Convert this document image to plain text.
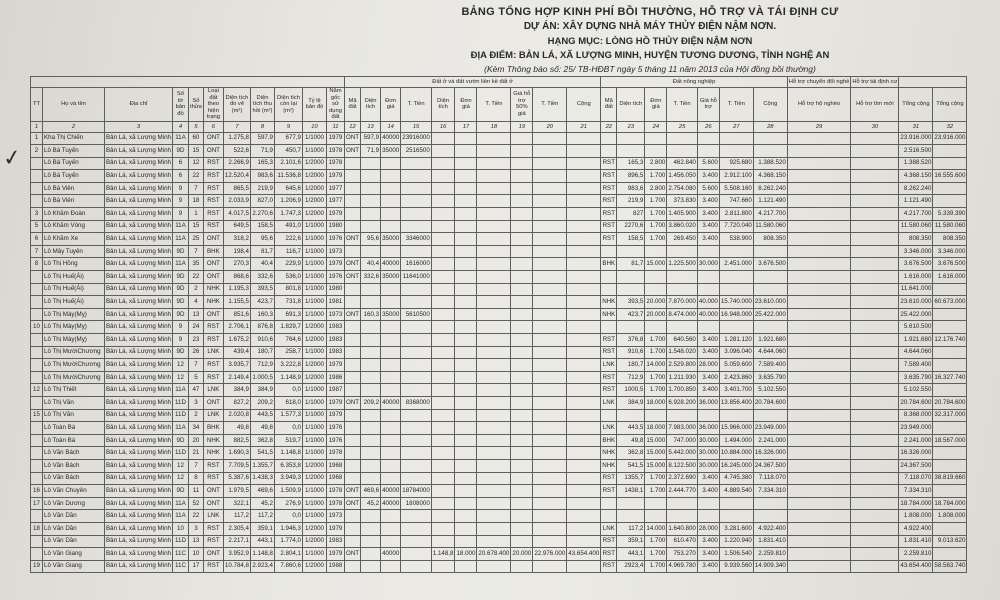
BẢNG TỔNG HỢP KINH PHÍ BỒI THƯỜNG, HỖ TRỢ VÀ TÁI ĐỊNH CƯ
DỰ ÁN: XÂY DỰNG NHÀ MÁY THỦY ĐIỆN NẬM NƠN.
HẠNG MỤC: LÒNG HỒ THỦY ĐIỆN NẬM NƠN
ĐỊA ĐIỂM: BẢN LÁ, XÃ LƯỢNG MINH, HUYỆN TƯƠNG DƯƠNG, TỈNH NGHỆ AN
(Kèm Thông báo số: 25/ TB-HĐBT ngày 5 tháng 11 năm 2013 của Hội đồng bồi thường)
✓
											Đất ở và đất vườn liền kề đất ở										Đất nông nghiệp							Hỗ trợ chuyển đổi nghề	Hỗ trợ tái định cư		
TT	Họ và tên	Địa chỉ	Số tờ bản đồ	Số thửa	Loại đất theo hiện trạng	Diện tích đo vẽ (m²)	Diện tích thu hồi (m²)	Diện tích còn lại (m²)	Tỷ lệ bản đồ	Năm gốc sử dụng đất	Mã đất	Diện tích	Đơn giá	T. Tiền	Diện tích	Đơn giá	T. Tiền	Giá hỗ trợ 50% giá	T. Tiền	Cộng	Mã đất	Diện tích	Đơn giá	T. Tiền	Giá hỗ trợ	T. Tiền	Cộng	Hỗ trợ hộ nghèo	Hỗ trợ tìm mới	Tổng cộng	Tổng cộng
1	2	3	4	5	6	7	8	9	10	11	12	13	14	15	16	17	18	19	20	21	22	23	24	25	26	27	28	29	30	31	32
1	Kha Thị Chiến	Bản Lá, xã Lượng Minh	11A	60	ONT	1.275,8	597,9	677,9	1/1000	1979	ONT	597,9	40000	23916000																23.916.000	23.916.000
2	Lô Bá Tuyến	Bản Lá, xã Lượng Minh	9D	15	ONT	522,6	71,9	450,7	1/1000	1978	ONT	71,9	35000	2516500																2.516.500	
	Lô Bá Tuyến	Bản Lá, xã Lượng Minh	6	12	RST	2.266,9	165,3	2.101,6	1/2000	1978											RST	165,3	2.800	462.840	5.600	925.680	1.388.520			1.388.520	
	Lô Bá Tuyến	Bản Lá, xã Lượng Minh	6	22	RST	12.520,4	983,6	11.536,8	1/2000	1979											RST	896,5	1.700	1.456.050	3.400	2.912.100	4.368.150			4.368.150	16.555.600
	Lô Bá Viên	Bản Lá, xã Lượng Minh	9	7	RST	865,5	219,9	645,6	1/2000	1977											RST	983,6	2.800	2.754.080	5.600	5.508.160	8.262.240			8.262.240	
	Lô Bá Viên	Bản Lá, xã Lượng Minh	9	18	RST	2.033,9	827,0	1.206,9	1/2000	1977											RST	219,9	1.700	373.830	3.400	747.660	1.121.490			1.121.490	
3	Lô Khăm Đoàn	Bản Lá, xã Lượng Minh	9	1	RST	4.017,5	2.270,6	1.747,3	1/2000	1979											RST	827	1.700	1.405.900	3.400	2.811.800	4.217.700			4.217.700	5.339.390
5	Lô Khăm Vóng	Bản Lá, xã Lượng Minh	11A	15	RST	649,5	158,5	491,0	1/1000	1980											RST	2270,6	1.700	3.860.020	3.400	7.720.040	11.580.060			11.580.060	11.580.060
6	Lô Khăm Xe	Bản Lá, xã Lượng Minh	11A	25	ONT	318,2	95,6	222,6	1/1000	1976	ONT	95,6	35000	3346000							RST	158,5	1.700	269.450	3.400	538.900	808.350			808.350	808.350
7	Lô Mây Tuyên	Bản Lá, xã Lượng Minh	9D	7	BHK	198,4	81,7	116,7	1/1000	1973																				3.346.000	3.346.000
8	Lô Thị Hồng	Bản Lá, xã Lượng Minh	11A	35	ONT	270,3	40,4	229,9	1/1000	1979	ONT	40,4	40000	1616000							BHK	81,7	15.000	1.225.500	30.000	2.451.000	3.676.500			3.676.500	3.676.500
	Lô Thị Huế(Ái)	Bản Lá, xã Lượng Minh	9D	22	ONT	868,6	332,6	536,0	1/1000	1976	ONT	332,6	35000	11641000																1.616.000	1.616.000
	Lô Thị Huế(Ái)	Bản Lá, xã Lượng Minh	9D	2	NHK	1.195,3	393,5	801,8	1/1000	1980																				11.641.000	
	Lô Thị Huế(Ái)	Bản Lá, xã Lượng Minh	9D	4	NHK	1.155,5	423,7	731,8	1/1000	1981											NHK	393,5	20.000	7.870.000	40.000	15.740.000	23.610.000			23.610.000	60.673.000
	Lô Thị Mày(Mỵ)	Bản Lá, xã Lượng Minh	9D	13	ONT	851,6	160,3	691,3	1/1000	1973	ONT	160,3	35000	5610500							NHK	423,7	20.000	8.474.000	40.000	16.948.000	25.422.000			25.422.000	
10	Lô Thị Mày(Mỵ)	Bản Lá, xã Lượng Minh	9	24	RST	2.706,1	876,8	1.829,7	1/2000	1983																				5.610.500	
	Lô Thị Mày(Mỵ)	Bản Lá, xã Lượng Minh	9	23	RST	1.675,2	910,6	764,6	1/2000	1983											RST	376,8	1.700	640.560	3.400	1.281.120	1.921.680			1.921.680	12.176.740
	Lô Thị MườiChương	Bản Lá, xã Lượng Minh	9D	26	LNK	439,4	180,7	258,7	1/1000	1983											RST	910,6	1.700	1.548.020	3.400	3.096.040	4.644.060			4.644.060	
	Lô Thị MườiChương	Bản Lá, xã Lượng Minh	12	7	RST	3.935,7	712,9	3.222,8	1/2000	1979											LNK	180,7	14.000	2.529.800	28.000	5.059.600	7.589.400			7.589.400	
	Lô Thị MườiChương	Bản Lá, xã Lượng Minh	12	5	RST	2.149,4	1.000,5	1.148,9	1/2000	1986											RST	712,9	1.700	1.211.930	3.400	2.423.860	3.635.790			3.635.790	16.327.740
12	Lô Thị Thiết	Bản Lá, xã Lượng Minh	11A	47	LNK	384,9	384,9	0,0	1/1000	1987											RST	1000,5	1.700	1.700.850	3.400	3.401.700	5.102.550			5.102.550	
	Lô Thị Văn	Bản Lá, xã Lượng Minh	11D	3	ONT	827,2	209,2	618,0	1/1000	1979	ONT	209,2	40000	8368000							LNK	384,9	18.000	6.928.200	36.000	13.856.400	20.784.600			20.784.600	20.784.600
15	Lô Thị Văn	Bản Lá, xã Lượng Minh	11D	2	LNK	2.020,8	443,5	1.577,3	1/1000	1979																				8.368.000	32.317.000
	Lô Toàn Bá	Bản Lá, xã Lượng Minh	11A	34	BHK	49,8	49,8	0,0	1/1000	1976											LNK	443,5	18.000	7.983.000	36.000	15.966.000	23.949.000			23.949.000	
	Lô Toàn Bá	Bản Lá, xã Lượng Minh	9D	20	NHK	882,5	362,8	519,7	1/1000	1976											BHK	49,8	15.000	747.000	30.000	1.494.000	2.241.000			2.241.000	18.567.000
	Lô Văn Bách	Bản Lá, xã Lượng Minh	11D	21	NHK	1.690,3	541,5	1.148,8	1/1000	1978											NHK	362,8	15.000	5.442.000	30.000	10.884.000	16.326.000			16.326.000	
	Lô Văn Bách	Bản Lá, xã Lượng Minh	12	7	RST	7.709,5	1.355,7	6.353,8	1/2000	1968											NHK	541,5	15.000	8.122.500	30.000	16.245.000	24.367.500			24.367.500	
	Lô Văn Bách	Bản Lá, xã Lượng Minh	12	8	RST	5.387,6	1.438,3	3.949,3	1/2000	1968											RST	1355,7	1.700	2.372.690	3.400	4.745.380	7.118.070			7.118.070	38.819.660
16	Lô Văn Chuyên	Bản Lá, xã Lượng Minh	9D	11	ONT	1.979,5	469,6	1.509,9	1/1000	1978	ONT	469,6	40000	18784000							RST	1438,1	1.700	2.444.770	3.400	4.889.540	7.334.310			7.334.310	
17	Lô Văn Dương	Bản Lá, xã Lượng Minh	11A	52	ONT	322,1	45,2	276,9	1/1000	1978	ONT	45,2	40000	1808000																18.784.000	18.784.000
	Lô Văn Dần	Bản Lá, xã Lượng Minh	11A	22	LNK	117,2	117,2	0,0	1/1000	1973																				1.808.000	1.808.000
18	Lô Văn Dần	Bản Lá, xã Lượng Minh	10	3	RST	2.305,4	359,1	1.946,3	1/2000	1979											LNK	117,2	14.000	1.640.800	28.000	3.281.600	4.922.400			4.922.400	
	Lô Văn Dần	Bản Lá, xã Lượng Minh	11D	13	RST	2.217,1	443,1	1.774,0	1/2000	1983											RST	359,1	1.700	610.470	3.400	1.220.940	1.831.410			1.831.410	9.013.620
	Lô Văn Giang	Bản Lá, xã Lượng Minh	11C	10	ONT	3.952,9	1.148,8	2.804,1	1/1000	1979	ONT		40000		1.148,8	18.000	20.678.400	20.000	22.976.000	43.654.400	RST	443,1	1.700	753.270	3.400	1.506.540	2.259.810			2.259.810	
19	Lô Văn Giang	Bản Lá, xã Lượng Minh	11C	17	RST	10.784,8	2.923,4	7.860,6	1/2000	1988											RST	2923,4	1.700	4.969.780	3.400	9.939.560	14.909.340			43.654.400	58.563.740
